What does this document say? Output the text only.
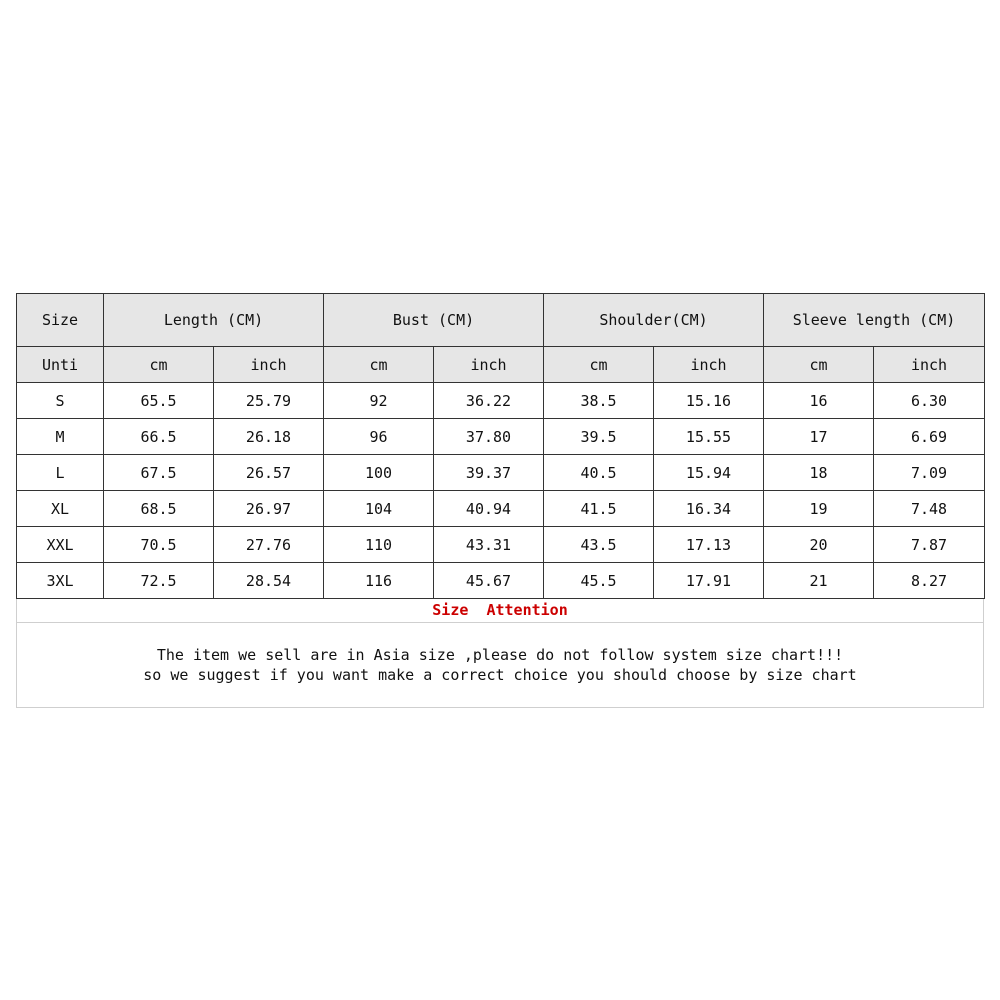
Size	Length (CM)		Bust (CM)		Shoulder(CM)		Sleeve length (CM)	
Unti	cm	inch	cm	inch	cm	inch	cm	inch
S	65.5	25.79	92	36.22	38.5	15.16	16	6.30
M	66.5	26.18	96	37.80	39.5	15.55	17	6.69
L	67.5	26.57	100	39.37	40.5	15.94	18	7.09
XL	68.5	26.97	104	40.94	41.5	16.34	19	7.48
XXL	70.5	27.76	110	43.31	43.5	17.13	20	7.87
3XL	72.5	28.54	116	45.67	45.5	17.91	21	8.27
Size  Attention
The item we sell are in Asia size ,please do not follow system size chart!!!
so we suggest if you want make a correct choice you should choose by size chart
